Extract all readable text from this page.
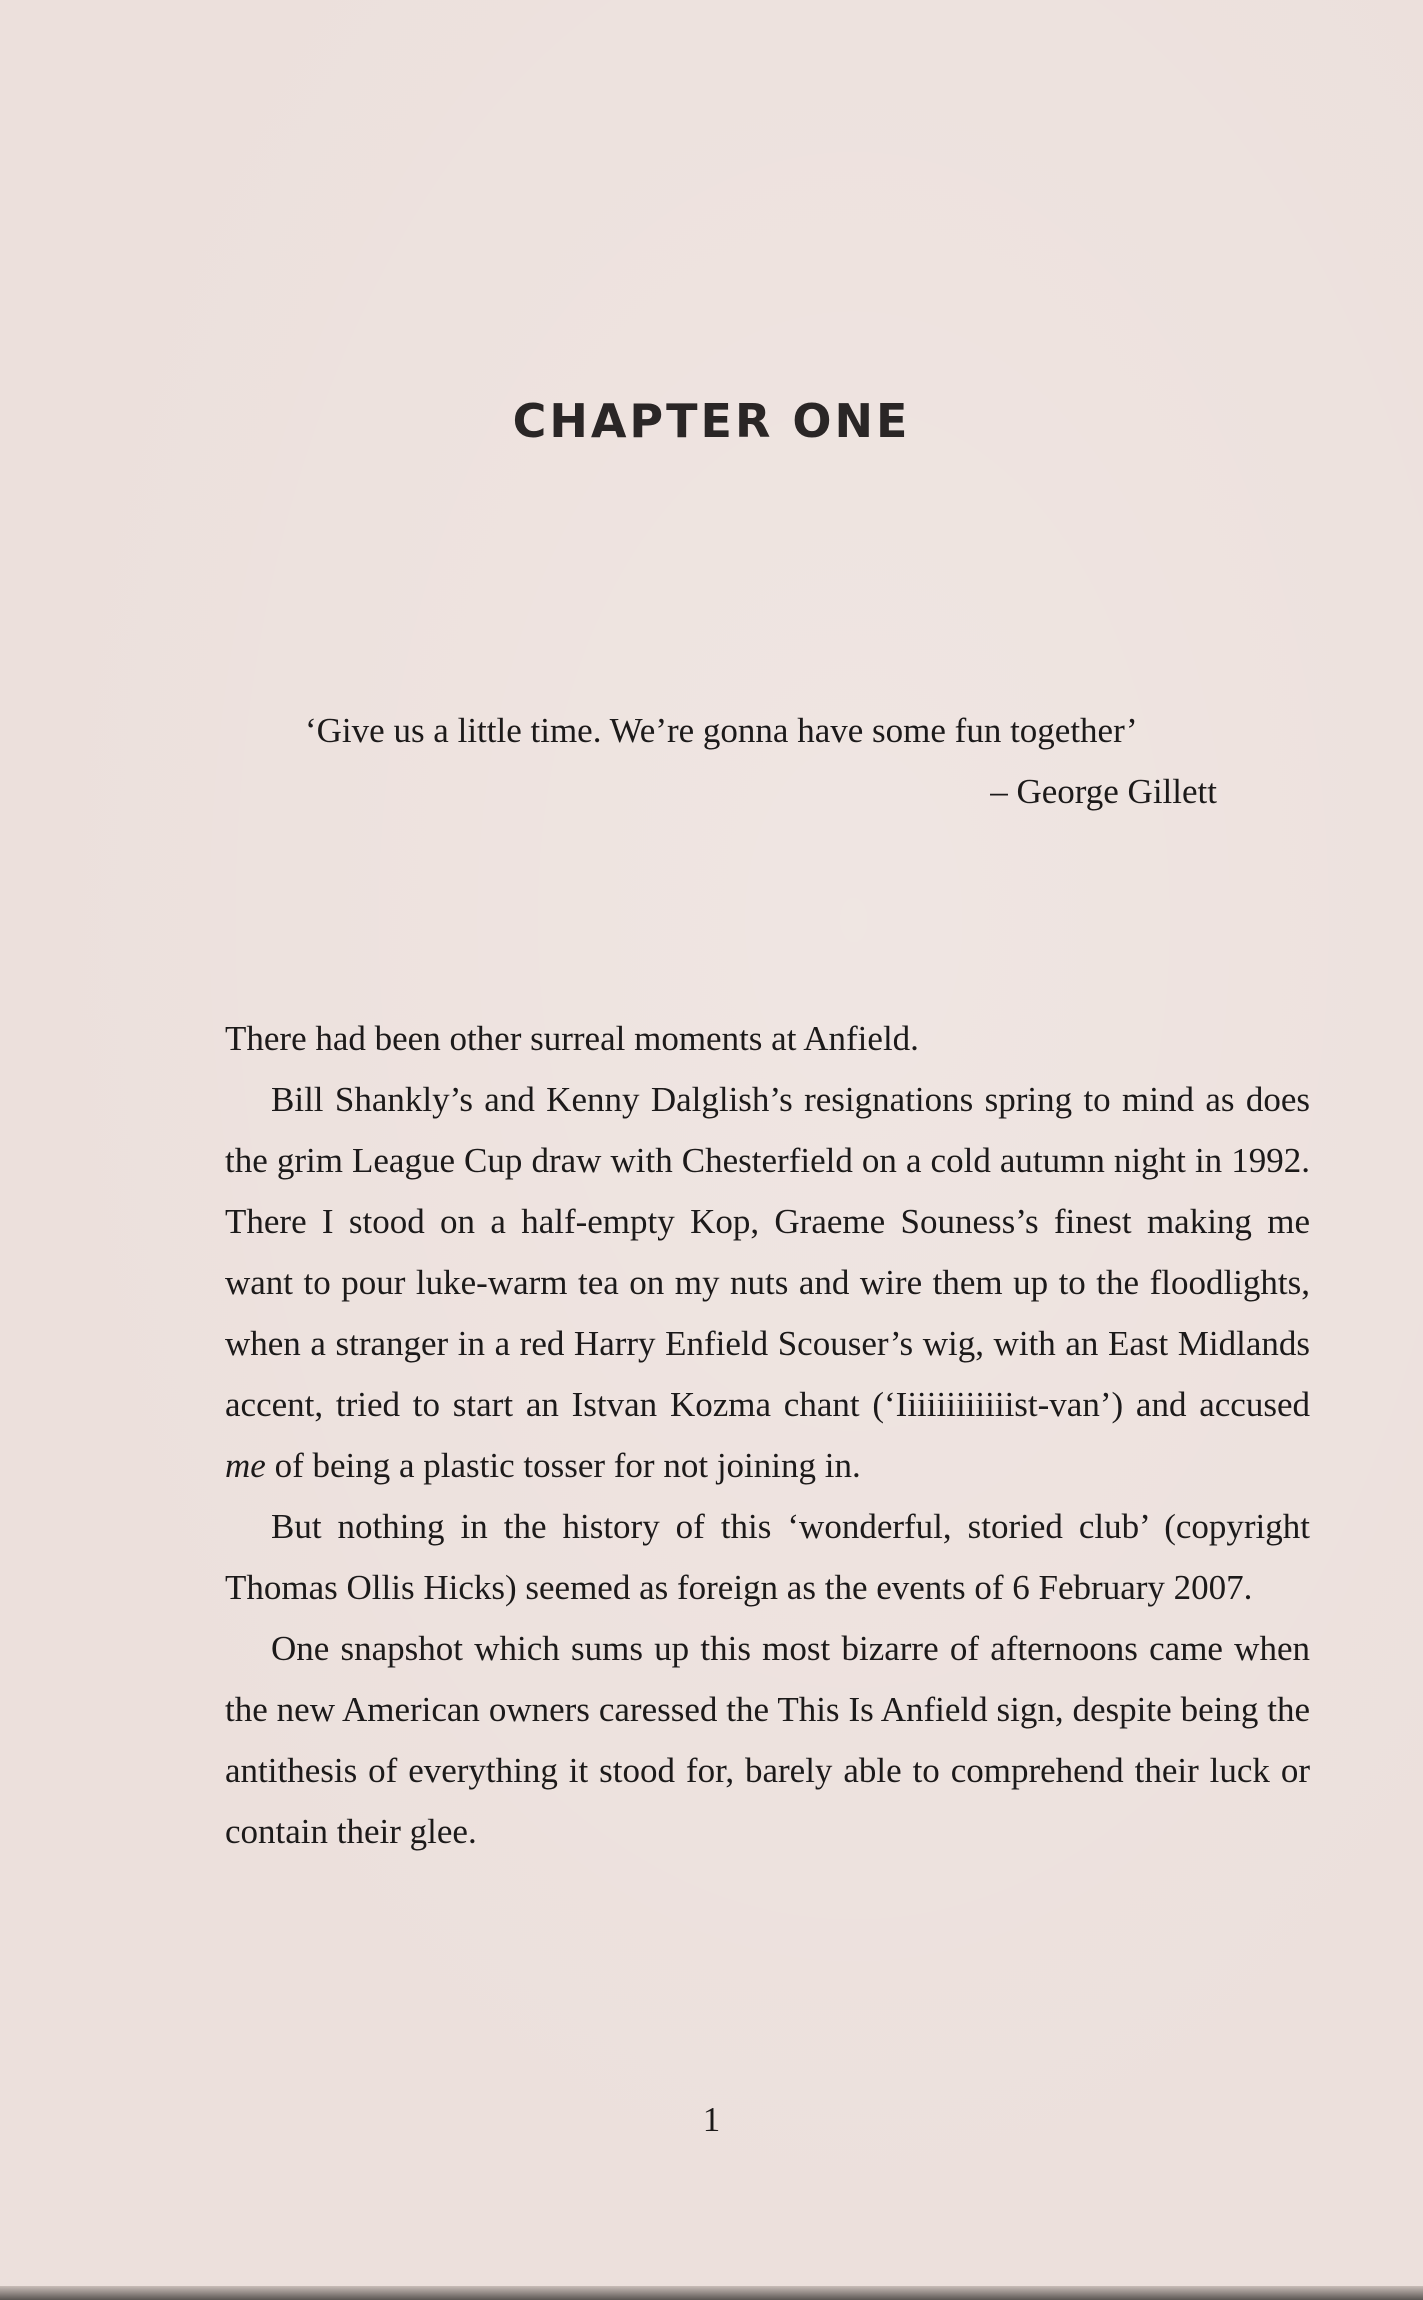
CHAPTER ONE
‘Give us a little time. We’re gonna have some fun together’
– George Gillett

There had been other surreal moments at Anfield.

Bill Shankly’s and Kenny Dalglish’s resignations spring to mind as does the grim League Cup draw with Chesterfield on a cold autumn night in 1992. There I stood on a half-empty Kop, Graeme Souness’s finest making me want to pour luke-warm tea on my nuts and wire them up to the floodlights, when a stranger in a red Harry Enfield Scouser’s wig, with an East Midlands accent, tried to start an Istvan Kozma chant (‘Iiiiiiiiiiiist-van’) and accused me of being a plastic tosser for not joining in.

But nothing in the history of this ‘wonderful, storied club’ (copyright Thomas Ollis Hicks) seemed as foreign as the events of 6 February 2007.

One snapshot which sums up this most bizarre of afternoons came when the new American owners caressed the This Is Anfield sign, despite being the antithesis of everything it stood for, barely able to comprehend their luck or contain their glee.

1
